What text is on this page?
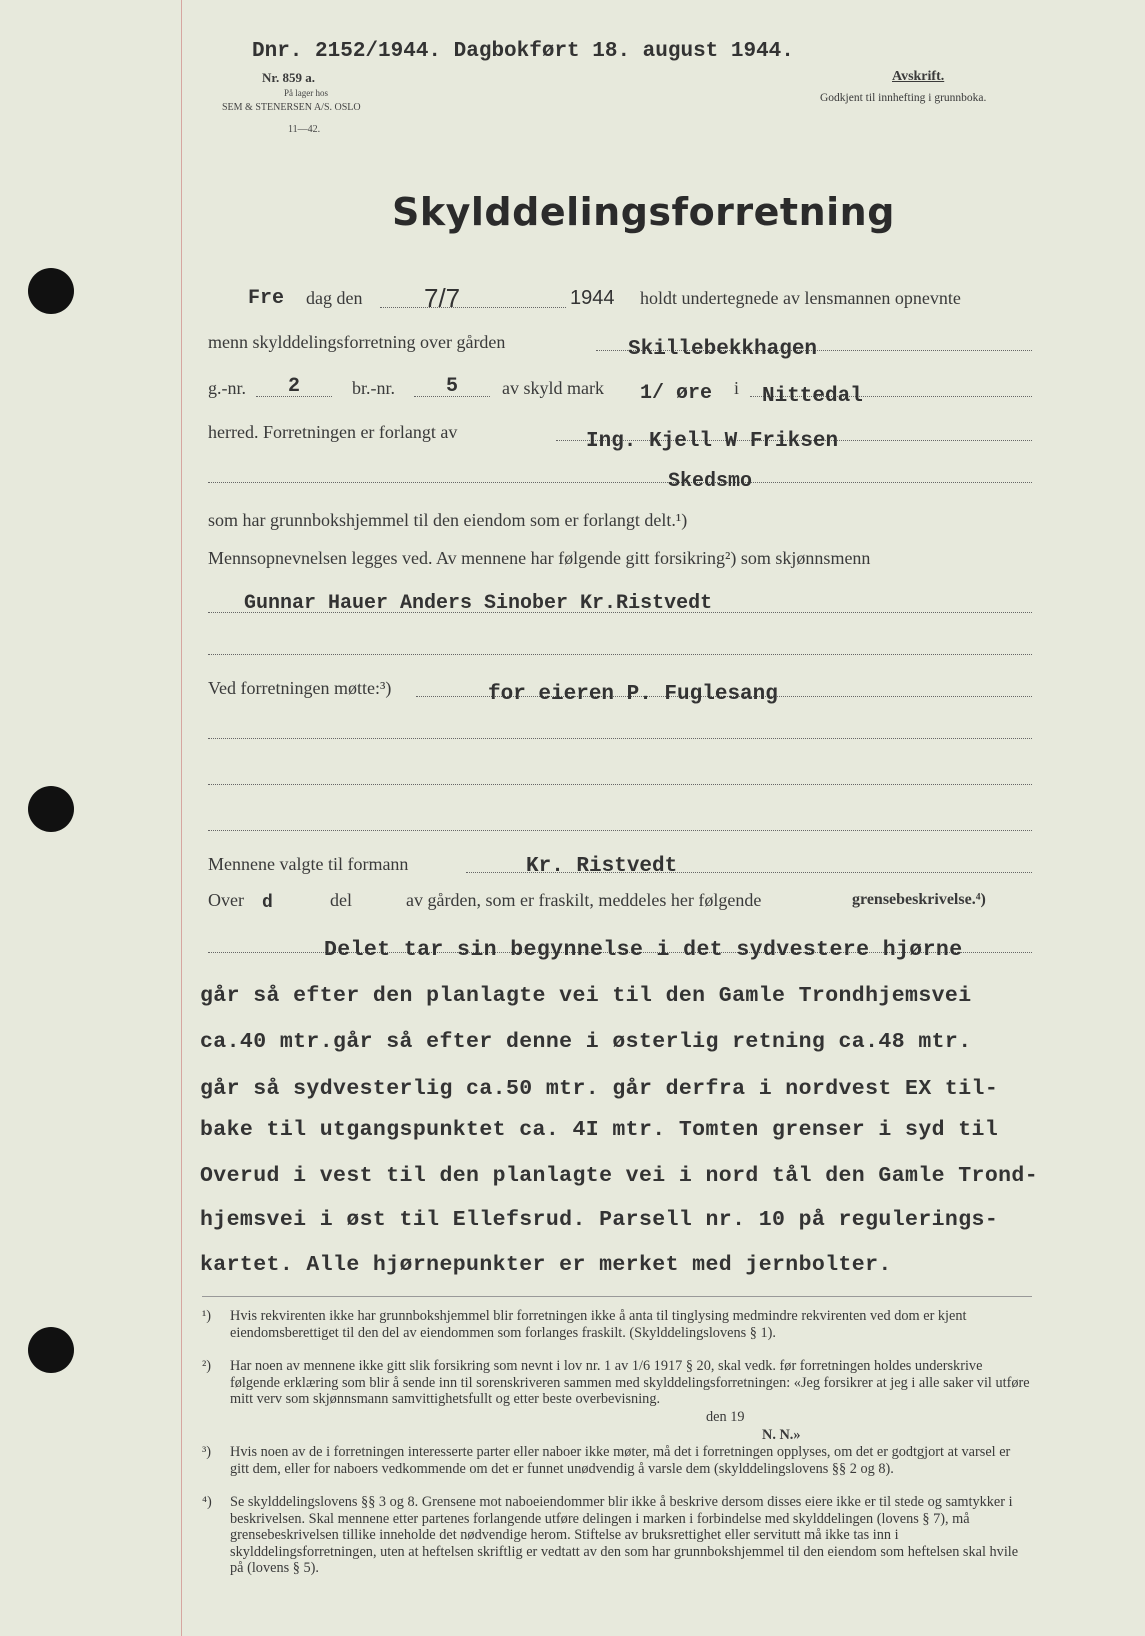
Dnr. 2152/1944. Dagbokført 18. august 1944.
Nr. 859 a.
På lager hos
SEM & STENERSEN A/S. OSLO
11—42.
Avskrift.
Godkjent til innhefting i grunnboka.
Skylddelingsforretning
Fre dag den 7/7	1944 holdt undertegnede av lensmannen opnevnte
menn skylddelingsforretning over gården	Skillebekkhagen
g.-nr. 2	br.-nr.	5 av skyld mark 1/ øre i Nittedal
herred. Forretningen er forlangt av	Ing. Kjell W Friksen
Skedsmo
som har grunnbokshjemmel til den eiendom som er forlangt delt.¹)
Mennsopnevnelsen legges ved. Av mennene har følgende gitt forsikring²) som skjønnsmenn
Gunnar Hauer Anders Sinober Kr.Ristvedt
Ved forretningen møtte:³)	for eieren P. Fuglesang
Mennene valgte til formann	Kr. Ristvedt
Over d	del	av gården, som er fraskilt, meddeles her følgende	grensebeskrivelse.⁴)
Delet tar sin begynnelse i det sydvestere hjørne
går så efter den planlagte vei til den Gamle Trondhjemsvei
ca.40 mtr.går så efter denne i østerlig retning ca.48 mtr.
går så sydvesterlig ca.50 mtr. går derfra i nordvest EX til-
bake til utgangspunktet ca. 4I mtr. Tomten grenser i syd til
Overud i vest til den planlagte vei i nord tål den Gamle Trond-
hjemsvei i øst til Ellefsrud. Parsell nr. 10 på regulerings-
kartet. Alle hjørnepunkter er merket med jernbolter.
¹) Hvis rekvirenten ikke har grunnbokshjemmel blir forretningen ikke å anta til tinglysing medmindre rekvirenten ved dom er kjent eiendomsberettiget til den del av eiendommen som forlanges fraskilt. (Skylddelingslovens § 1).
²) Har noen av mennene ikke gitt slik forsikring som nevnt i lov nr. 1 av 1/6 1917 § 20, skal vedk. før forretningen holdes underskrive følgende erklæring som blir å sende inn til sorenskriveren sammen med skylddelingsforretningen: «Jeg forsikrer at jeg i alle saker vil utføre mitt verv som skjønnsmann samvittighetsfullt og etter beste overbevisning.
den 19
N. N.»
³) Hvis noen av de i forretningen interesserte parter eller naboer ikke møter, må det i forretningen opplyses, om det er godtgjort at varsel er gitt dem, eller for naboers vedkommende om det er funnet unødvendig å varsle dem (skylddelingslovens §§ 2 og 8).
⁴) Se skylddelingslovens §§ 3 og 8. Grensene mot naboeiendommer blir ikke å beskrive dersom disses eiere ikke er til stede og samtykker i beskrivelsen. Skal mennene etter partenes forlangende utføre delingen i marken i forbindelse med skylddelingen (lovens § 7), må grensebeskrivelsen tillike inneholde det nødvendige herom. Stiftelse av bruksrettighet eller servitutt må ikke tas inn i skylddelingsforretningen, uten at heftelsen skriftlig er vedtatt av den som har grunnbokshjemmel til den eiendom som heftelsen skal hvile på (lovens § 5).
